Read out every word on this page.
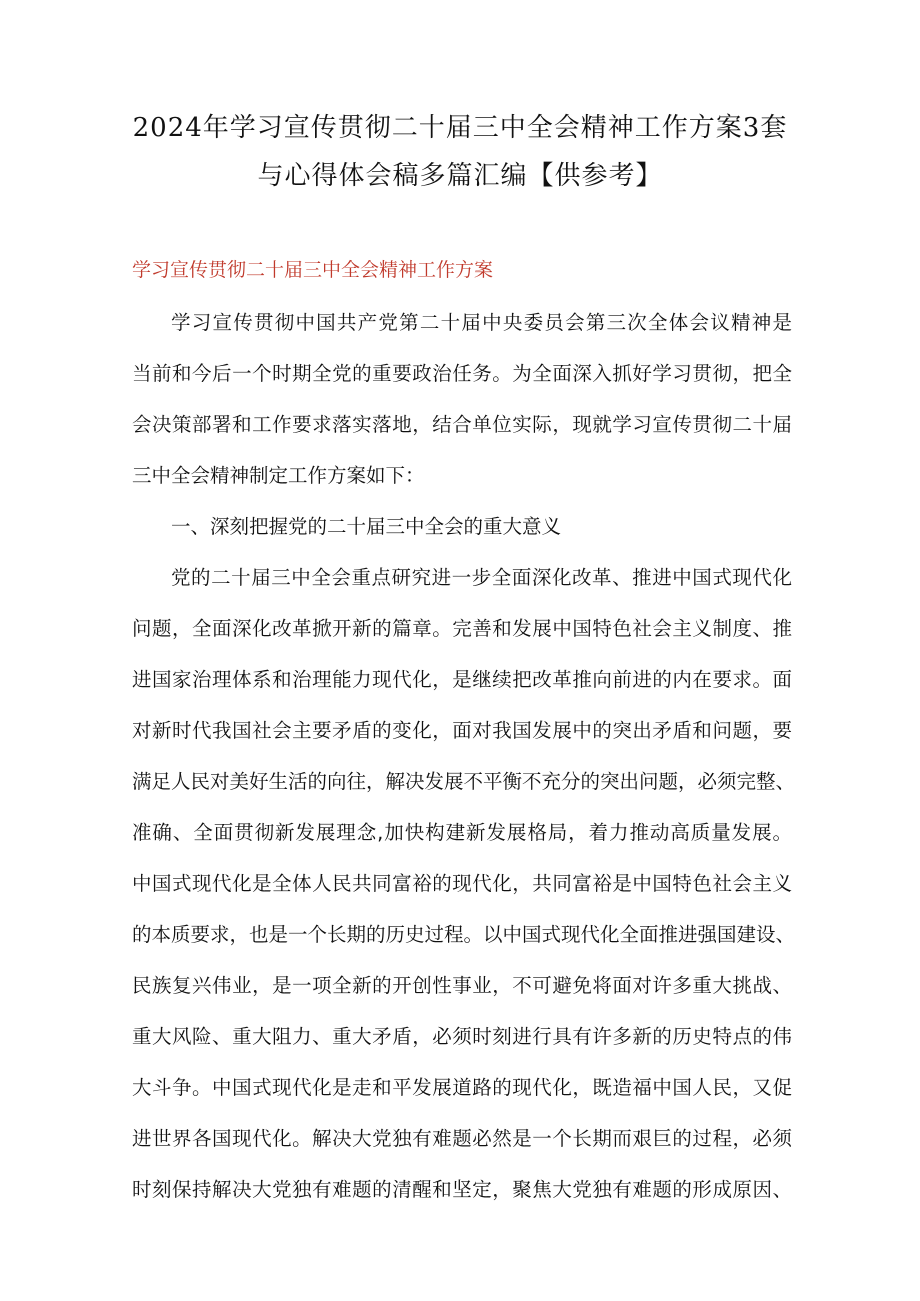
2024年学习宣传贯彻二十届三中全会精神工作方案3套
与心得体会稿多篇汇编【供参考】
学习宣传贯彻二十届三中全会精神工作方案
学习宣传贯彻中国共产党第二十届中央委员会第三次全体会议精神是
当前和今后一个时期全党的重要政治任务。为全面深入抓好学习贯彻，把全
会决策部署和工作要求落实落地，结合单位实际，现就学习宣传贯彻二十届
三中全会精神制定工作方案如下：
一、深刻把握党的二十届三中全会的重大意义
党的二十届三中全会重点研究进一步全面深化改革、推进中国式现代化
问题，全面深化改革掀开新的篇章。完善和发展中国特色社会主义制度、推
进国家治理体系和治理能力现代化，是继续把改革推向前进的内在要求。面
对新时代我国社会主要矛盾的变化，面对我国发展中的突出矛盾和问题，要
满足人民对美好生活的向往，解决发展不平衡不充分的突出问题，必须完整、
准确、全面贯彻新发展理念,加快构建新发展格局，着力推动高质量发展。
中国式现代化是全体人民共同富裕的现代化，共同富裕是中国特色社会主义
的本质要求，也是一个长期的历史过程。以中国式现代化全面推进强国建设、
民族复兴伟业，是一项全新的开创性事业，不可避免将面对许多重大挑战、
重大风险、重大阻力、重大矛盾，必须时刻进行具有许多新的历史特点的伟
大斗争。中国式现代化是走和平发展道路的现代化，既造福中国人民，又促
进世界各国现代化。解决大党独有难题必然是一个长期而艰巨的过程，必须
时刻保持解决大党独有难题的清醒和坚定，聚焦大党独有难题的形成原因、
